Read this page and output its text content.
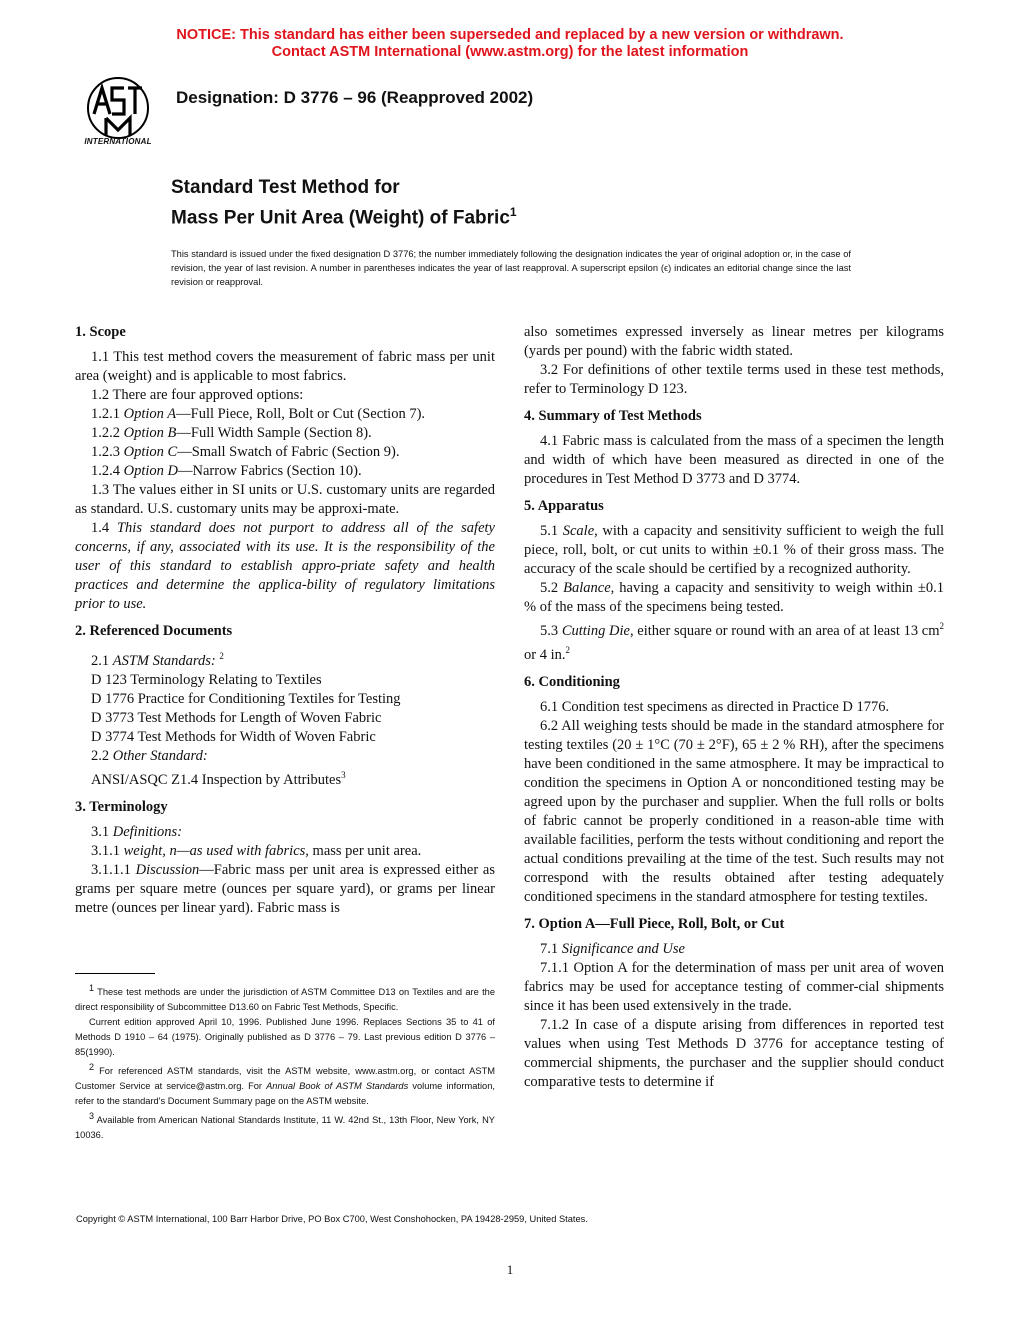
NOTICE: This standard has either been superseded and replaced by a new version or withdrawn.
Contact ASTM International (www.astm.org) for the latest information
INTERNATIONAL
Designation: D 3776 – 96 (Reapproved 2002)
Standard Test Method for
Mass Per Unit Area (Weight) of Fabric$^1$
This standard is issued under the fixed designation D 3776; the number immediately following the designation indicates the year of original adoption or, in the case of revision, the year of last revision. A number in parentheses indicates the year of last reapproval. A superscript epsilon (ϵ) indicates an editorial change since the last revision or reapproval.
1. Scope

1.1 This test method covers the measurement of fabric mass per unit area (weight) and is applicable to most fabrics.

1.2 There are four approved options:

1.2.1 Option A—Full Piece, Roll, Bolt or Cut (Section 7).

1.2.2 Option B—Full Width Sample (Section 8).

1.2.3 Option C—Small Swatch of Fabric (Section 9).

1.2.4 Option D—Narrow Fabrics (Section 10).

1.3 The values either in SI units or U.S. customary units are regarded as standard. U.S. customary units may be approxi-mate.

1.4 This standard does not purport to address all of the safety concerns, if any, associated with its use. It is the responsibility of the user of this standard to establish appro-priate safety and health practices and determine the applica-bility of regulatory limitations prior to use.

2. Referenced Documents

2.1 ASTM Standards: $^2$

D 123 Terminology Relating to Textiles

D 1776 Practice for Conditioning Textiles for Testing

D 3773 Test Methods for Length of Woven Fabric

D 3774 Test Methods for Width of Woven Fabric

2.2 Other Standard:

ANSI/ASQC Z1.4 Inspection by Attributes$^3$

3. Terminology

3.1 Definitions:

3.1.1 weight, n—as used with fabrics, mass per unit area.

3.1.1.1 Discussion—Fabric mass per unit area is expressed either as grams per square metre (ounces per square yard), or grams per linear metre (ounces per linear yard). Fabric mass is

$^1$ These test methods are under the jurisdiction of ASTM Committee D13 on Textiles and are the direct responsibility of Subcommittee D13.60 on Fabric Test Methods, Specific.

Current edition approved April 10, 1996. Published June 1996. Replaces Sections 35 to 41 of Methods D 1910 – 64 (1975). Originally published as D 3776 – 79. Last previous edition D 3776 – 85(1990).

$^2$ For referenced ASTM standards, visit the ASTM website, www.astm.org, or contact ASTM Customer Service at service@astm.org. For Annual Book of ASTM Standards volume information, refer to the standard's Document Summary page on the ASTM website.

$^3$ Available from American National Standards Institute, 11 W. 42nd St., 13th Floor, New York, NY 10036.

also sometimes expressed inversely as linear metres per kilograms (yards per pound) with the fabric width stated.

3.2 For definitions of other textile terms used in these test methods, refer to Terminology D 123.

4. Summary of Test Methods

4.1 Fabric mass is calculated from the mass of a specimen the length and width of which have been measured as directed in one of the procedures in Test Method D 3773 and D 3774.

5. Apparatus

5.1 Scale, with a capacity and sensitivity sufficient to weigh the full piece, roll, bolt, or cut units to within ±0.1 % of their gross mass. The accuracy of the scale should be certified by a recognized authority.

5.2 Balance, having a capacity and sensitivity to weigh within ±0.1 % of the mass of the specimens being tested.

5.3 Cutting Die, either square or round with an area of at least 13 $cm^2$ or 4 in.$^2$

6. Conditioning

6.1 Condition test specimens as directed in Practice D 1776.

6.2 All weighing tests should be made in the standard atmosphere for testing textiles (20 ± 1°C (70 ± 2°F), 65 ± 2 % RH), after the specimens have been conditioned in the same atmosphere. It may be impractical to condition the specimens in Option A or nonconditioned testing may be agreed upon by the purchaser and supplier. When the full rolls or bolts of fabric cannot be properly conditioned in a reason-able time with available facilities, perform the tests without conditioning and report the actual conditions prevailing at the time of the test. Such results may not correspond with the results obtained after testing adequately conditioned specimens in the standard atmosphere for testing textiles.

7. Option A—Full Piece, Roll, Bolt, or Cut

7.1 Significance and Use

7.1.1 Option A for the determination of mass per unit area of woven fabrics may be used for acceptance testing of commer-cial shipments since it has been used extensively in the trade.

7.1.2 In case of a dispute arising from differences in reported test values when using Test Methods D 3776 for acceptance testing of commercial shipments, the purchaser and the supplier should conduct comparative tests to determine if

Copyright © ASTM International, 100 Barr Harbor Drive, PO Box C700, West Conshohocken, PA 19428-2959, United States.
1
